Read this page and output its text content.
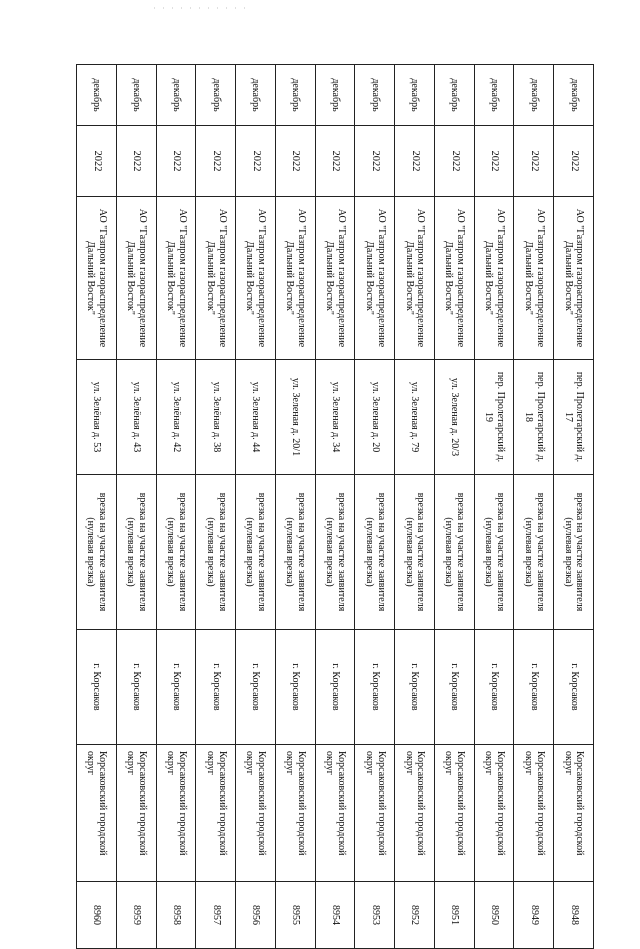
декабрь	2022	АО "Газпром газораспределение Дальний Восток"	пер. Пролетарский д. 17	врезка на участке заявителя (нулевая врезка)	г. Корсаков	Корсаковский городской округ	8948
декабрь	2022	АО "Газпром газораспределение Дальний Восток"	пер. Пролетарский д. 18	врезка на участке заявителя (нулевая врезка)	г. Корсаков	Корсаковский городской округ	8949
декабрь	2022	АО "Газпром газораспределение Дальний Восток"	пер. Пролетарский д. 19	врезка на участке заявителя (нулевая врезка)	г. Корсаков	Корсаковский городской округ	8950
декабрь	2022	АО "Газпром газораспределение Дальний Восток"	ул. Зеленая д. 20/3	врезка на участке заявителя (нулевая врезка)	г. Корсаков	Корсаковский городской округ	8951
декабрь	2022	АО "Газпром газораспределение Дальний Восток"	ул. Зеленая д. 79	врезка на участке заявителя (нулевая врезка)	г. Корсаков	Корсаковский городской округ	8952
декабрь	2022	АО "Газпром газораспределение Дальний Восток"	ул. Зеленая д. 20	врезка на участке заявителя (нулевая врезка)	г. Корсаков	Корсаковский городской округ	8953
декабрь	2022	АО "Газпром газораспределение Дальний Восток"	ул. Зеленая д. 34	врезка на участке заявителя (нулевая врезка)	г. Корсаков	Корсаковский городской округ	8954
декабрь	2022	АО "Газпром газораспределение Дальний Восток"	ул. Зеленая д. 20/1	врезка на участке заявителя (нулевая врезка)	г. Корсаков	Корсаковский городской округ	8955
декабрь	2022	АО "Газпром газораспределение Дальний Восток"	ул. Зеленая д. 44	врезка на участке заявителя (нулевая врезка)	г. Корсаков	Корсаковский городской округ	8956
декабрь	2022	АО "Газпром газораспределение Дальний Восток"	ул. Зелёная д. 38	врезка на участке заявителя (нулевая врезка)	г. Корсаков	Корсаковский городской округ	8957
декабрь	2022	АО "Газпром газораспределение Дальний Восток"	ул. Зелёная д. 42	врезка на участке заявителя (нулевая врезка)	г. Корсаков	Корсаковский городской округ	8958
декабрь	2022	АО "Газпром газораспределение Дальний Восток"	ул. Зелёная д. 43	врезка на участке заявителя (нулевая врезка)	г. Корсаков	Корсаковский городской округ	8959
декабрь	2022	АО "Газпром газораспределение Дальний Восток"	ул. Зелёная д. 53	врезка на участке заявителя (нулевая врезка)	г. Корсаков	Корсаковский городской округ	8960
